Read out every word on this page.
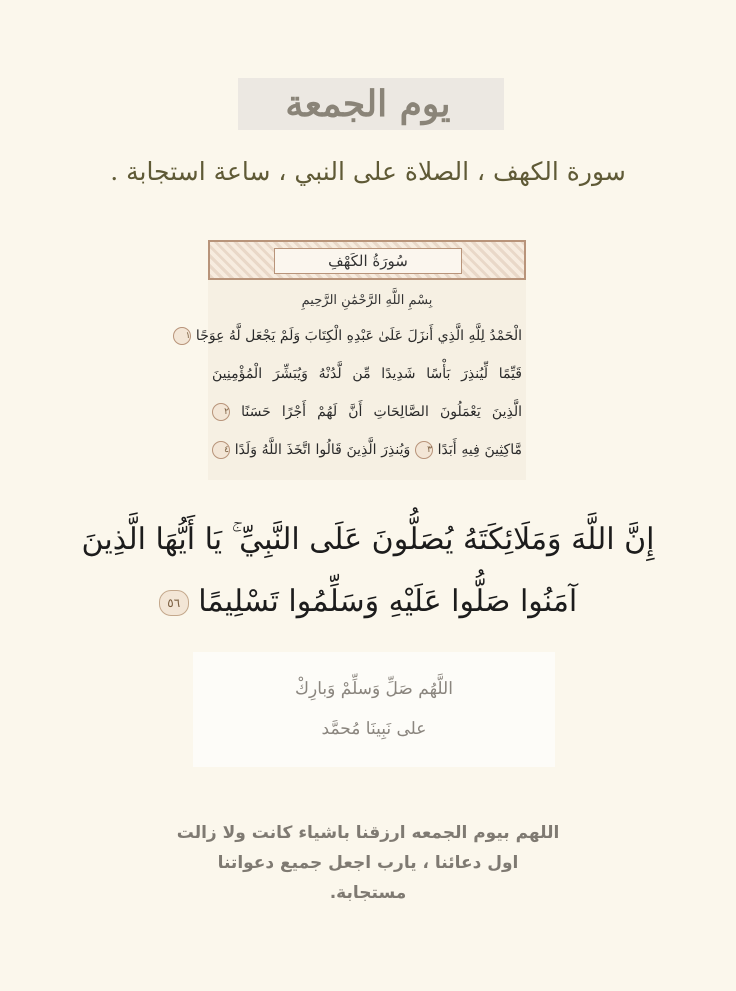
يوم الجمعة
سورة الكهف ، الصلاة على النبي ، ساعة استجابة .
سُورَةُ الكَهْفِ
بِسْمِ اللَّهِ الرَّحْمَٰنِ الرَّحِيمِ
الْحَمْدُ لِلَّهِ الَّذِي أَنزَلَ عَلَىٰ عَبْدِهِ الْكِتَابَ وَلَمْ يَجْعَل لَّهُ عِوَجًا ١
قَيِّمًا لِّيُنذِرَ بَأْسًا شَدِيدًا مِّن لَّدُنْهُ وَيُبَشِّرَ الْمُؤْمِنِينَ
الَّذِينَ يَعْمَلُونَ الصَّالِحَاتِ أَنَّ لَهُمْ أَجْرًا حَسَنًا ٢
مَّاكِثِينَ فِيهِ أَبَدًا ٣ وَيُنذِرَ الَّذِينَ قَالُوا اتَّخَذَ اللَّهُ وَلَدًا ٤
إِنَّ اللَّهَ وَمَلَائِكَتَهُ يُصَلُّونَ عَلَى النَّبِيِّ ۚ يَا أَيُّهَا الَّذِينَ
آمَنُوا صَلُّوا عَلَيْهِ وَسَلِّمُوا تَسْلِيمًا ٥٦
اللَّهُم صَلِّ وَسلِّمْ وَبارِكْ
على نَبِينَا مُحمَّد
اللهم بيوم الجمعه ارزقنا باشياء كانت ولا زالت
اول دعائنا ، يارب اجعل جميع دعواتنا
مستجابة.
